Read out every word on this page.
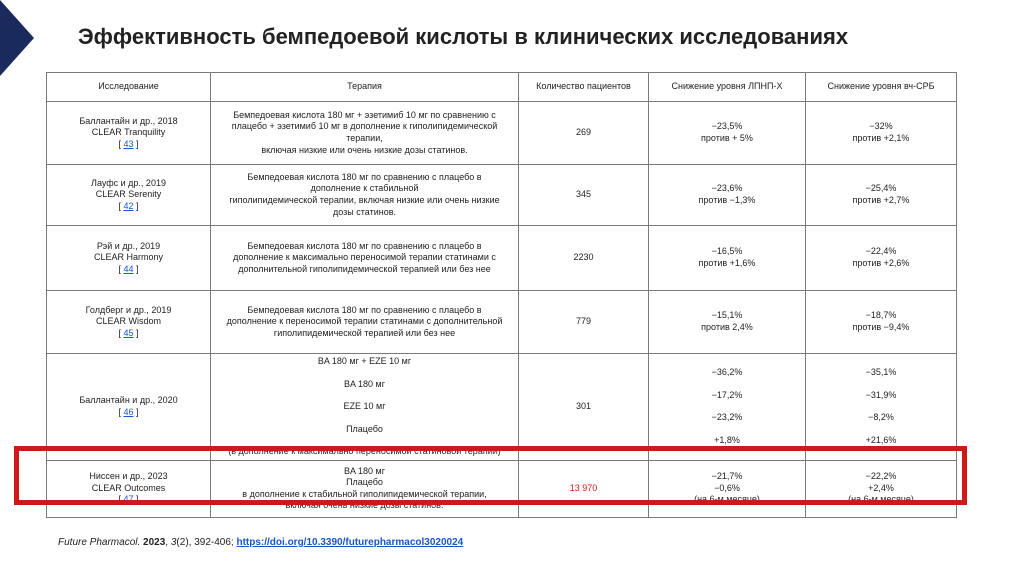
Эффективность бемпедоевой кислоты в клинических исследованиях
Исследование	Терапия	Количество пациентов	Снижение уровня ЛПНП-Х	Снижение уровня вч-СРБ

Баллантайн и др., 2018
CLEAR Tranquility
[ 43 ]	Бемпедоевая кислота 180 мг + эзетимиб 10 мг по сравнению с
плацебо + эзетимиб 10 мг в дополнение к гиполипидемической
терапии,
включая низкие или очень низкие дозы статинов.	269	−23,5%
против + 5%	−32%
против +2,1%

Лауфс и др., 2019
CLEAR Serenity
[ 42 ]	Бемпедоевая кислота 180 мг по сравнению с плацебо в
дополнение к стабильной
гиполипидемической терапии, включая низкие или очень низкие
дозы статинов.	345	−23,6%
против −1,3%	−25,4%
против +2,7%

Рэй и др., 2019
CLEAR Harmony
[ 44 ]	Бемпедоевая кислота 180 мг по сравнению с плацебо в
дополнение к максимально переносимой терапии статинами с
дополнительной гиполипидемической терапией или без нее	2230	−16,5%
против +1,6%	−22,4%
против +2,6%

Голдберг и др., 2019
CLEAR Wisdom
[ 45 ]	Бемпедоевая кислота 180 мг по сравнению с плацебо в
дополнение к переносимой терапии статинами с дополнительной
гиполипидемической терапией или без нее	779	−15,1%
против 2,4%	−18,7%
против −9,4%

Баллантайн и др., 2020
[ 46 ]	BA 180 мг + EZE 10 мг
BA 180 мг
EZE 10 мг
Плацебо
(в дополнение к максимально переносимой статиновой терапии)	301	−36,2%
−17,2%
−23,2%
+1,8%	−35,1%
−31,9%
−8,2%
+21,6%

Ниссен и др., 2023
CLEAR Outcomes
[ 47 ]	BA 180 мг
Плацебо
в дополнение к стабильной гиполипидемической терапии,
включая очень низкие дозы статинов.	13 970	−21,7%
−0,6%
(на 6-м месяце)	−22,2%
+2,4%
(на 6-м месяце)
Future Pharmacol. 2023, 3(2), 392-406; https://doi.org/10.3390/futurepharmacol3020024
